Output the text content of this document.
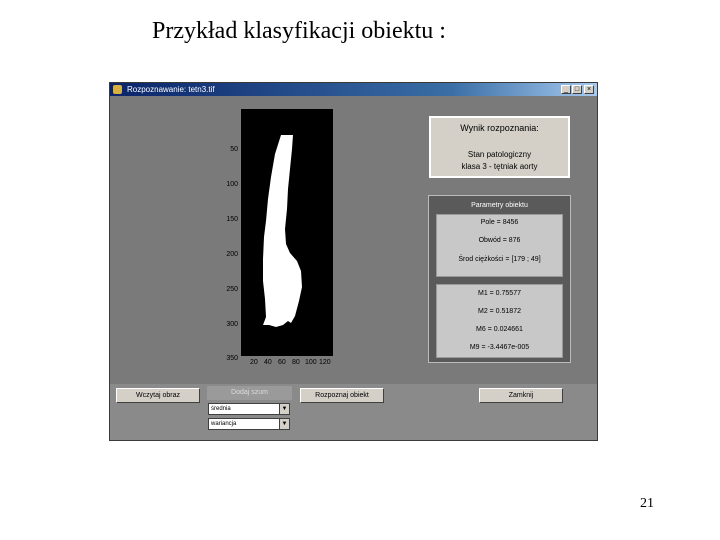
Przykład klasyfikacji obiektu :
Rozpoznawanie: tetn3.tif	_ □	×
50
100
150
200
250
300
350
20 40 60 80 100 120
Wynik rozpoznania:
Stan patologiczny
klasa 3 - tętniak aorty
Parametry obiektu
Pole = 8456
Obwód = 876
Środ ciężkości = [179 ; 49]
M1 = 0.75577
M2 = 0.51872
M6 = 0.024661
M9 = -3.4467e-005
Wczytaj obraz	Dodaj szum
średnia	▼
wariancja	▼
Rozpoznaj obiekt	Zamknij
21
